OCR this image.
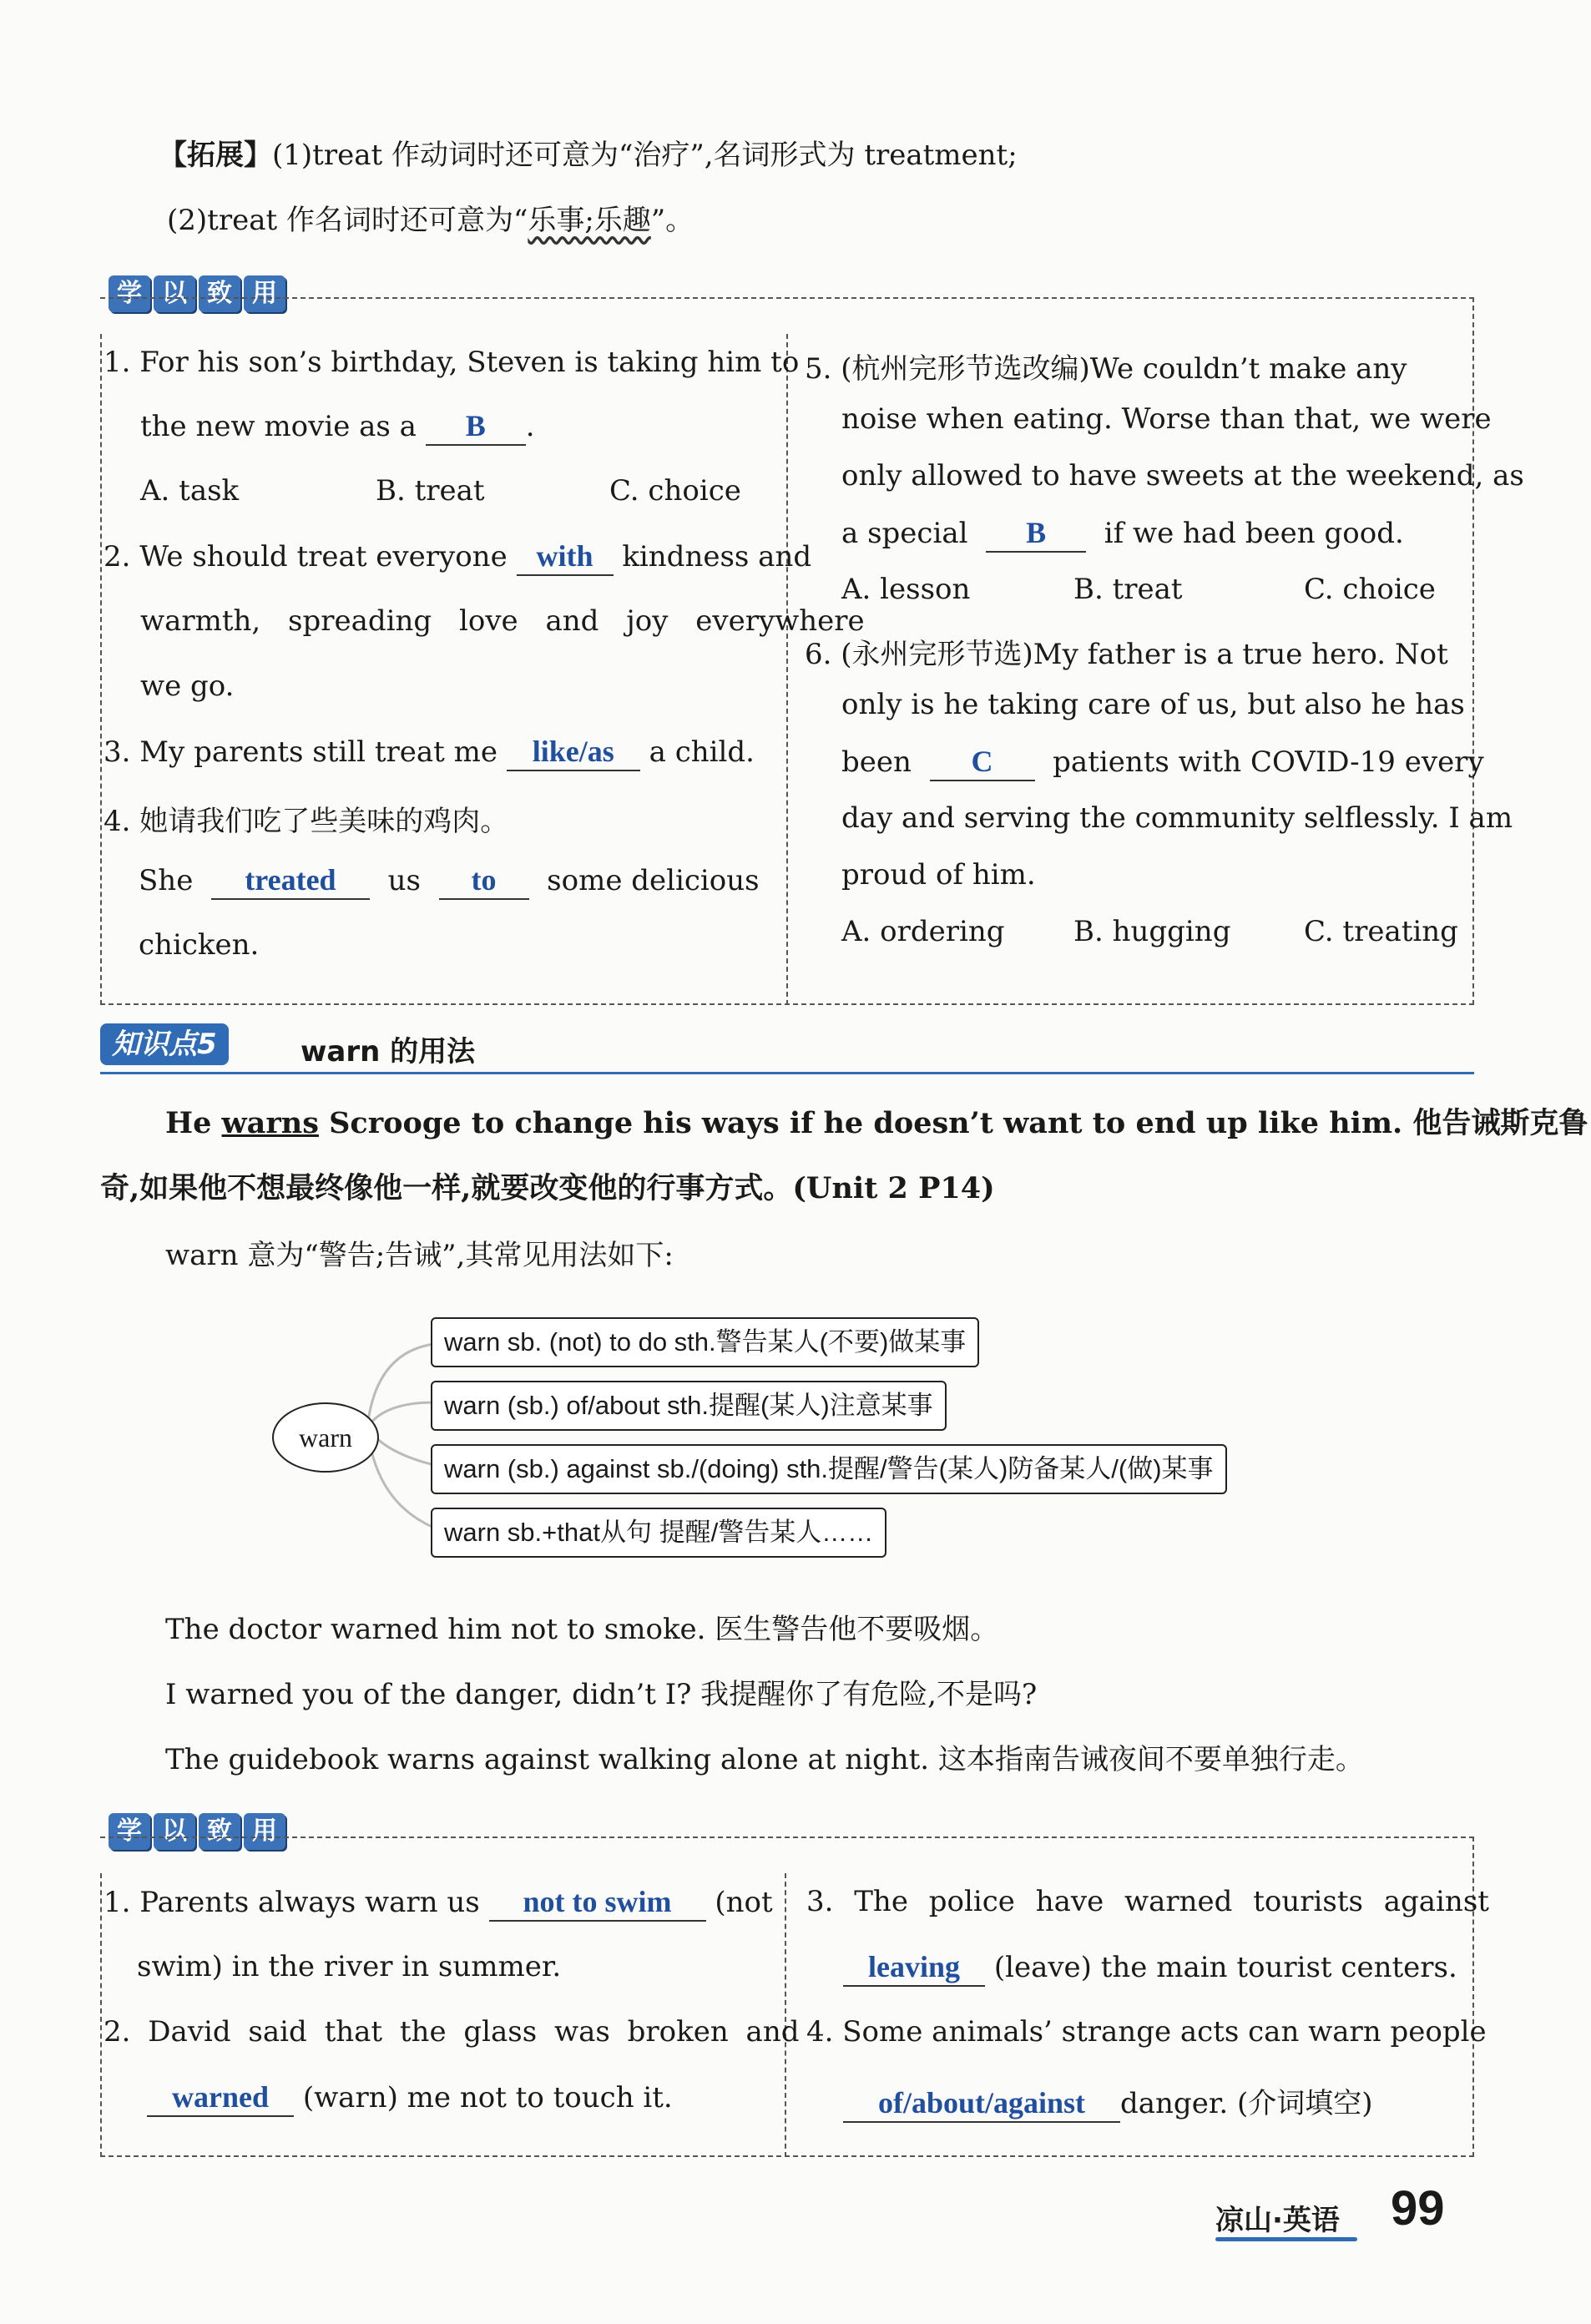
【拓展】(1)treat 作动词时还可意为“治疗”,名词形式为 treatment;
(2)treat 作名词时还可意为“乐事;乐趣”。
学 以 致 用
1. For his son’s birthday, Steven is taking him to
the new movie as a B .
A. task	B. treat	C. choice
2. We should treat everyone with kindness and
warmth, spreading love and joy everywhere
we go.
3. My parents still treat me like/as a child.
4. 她请我们吃了些美味的鸡肉。
She treated us to some delicious
chicken.
5. (杭州完形节选改编)We couldn’t make any
noise when eating. Worse than that, we were
only allowed to have sweets at the weekend, as
a special B if we had been good.
A. lesson	B. treat	C. choice
6. (永州完形节选)My father is a true hero. Not
only is he taking care of us, but also he has
been C patients with COVID-19 every
day and serving the community selflessly. I am
proud of him.
A. ordering B. hugging	C. treating
知识点5	warn 的用法
He warns Scrooge to change his ways if he doesn’t want to end up like him. 他告诫斯克鲁
奇,如果他不想最终像他一样,就要改变他的行事方式。(Unit 2 P14)
warn 意为“警告;告诫”,其常见用法如下:
warn
warn sb. (not) to do sth.警告某人(不要)做某事
warn (sb.) of/about sth.提醒(某人)注意某事
warn (sb.) against sb./(doing) sth.提醒/警告(某人)防备某人/(做)某事
warn sb.+that从句 提醒/警告某人……
The doctor warned him not to smoke. 医生警告他不要吸烟。
I warned you of the danger, didn’t I? 我提醒你了有危险,不是吗?
The guidebook warns against walking alone at night. 这本指南告诫夜间不要单独行走。
学 以 致 用
1. Parents always warn us not to swim (not
swim) in the river in summer.
2. David said that the glass was broken and
warned (warn) me not to touch it.
3. The police have warned tourists against
leaving (leave) the main tourist centers.
4. Some animals’ strange acts can warn people
of/about/against danger. (介词填空)
凉山·英语 99
